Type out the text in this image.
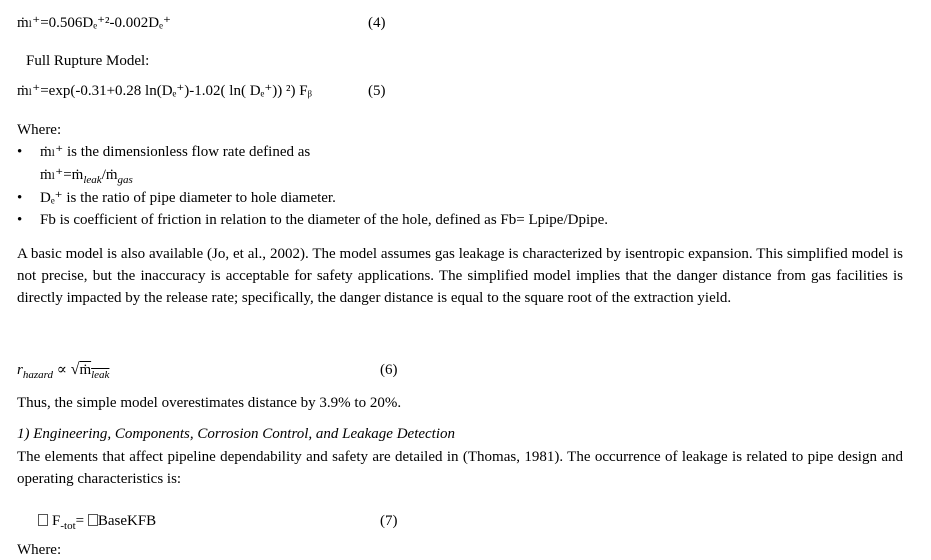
ṁₗ⁺=0.506Dₑ⁺²-0.002Dₑ⁺	(4)
Full Rupture Model:
ṁₗ⁺=exp(-0.31+0.28 ln(Dₑ⁺)-1.02( ln( Dₑ⁺)) ²) Fᵦ	(5)
Where:
• ṁₗ⁺ is the dimensionless flow rate defined as
ṁₗ⁺=ṁ$_{leak}$/ṁ$_{gas}$
• Dₑ⁺ is the ratio of pipe diameter to hole diameter.
• Fb is coefficient of friction in relation to the diameter of the hole, defined as Fb= Lpipe/Dpipe.
A basic model is also available (Jo, et al., 2002). The model assumes gas leakage is characterized by isentropic expansion. This simplified model is not precise, but the inaccuracy is acceptable for safety applications. The simplified model implies that the danger distance from gas facilities is directly impacted by the release rate; specifically, the danger distance is equal to the square root of the extraction yield.
$r_{hazard}$ ∝ √ṁ$_{leak}$	(6)
Thus, the simple model overestimates distance by 3.9% to 20%.
1) Engineering, Components, Corrosion Control, and Leakage Detection
The elements that affect pipeline dependability and safety are detailed in (Thomas, 1981). The occurrence of leakage is related to pipe design and operating characteristics is:
$F_{-tot}=$ BaseKFB	(7)
Where:
